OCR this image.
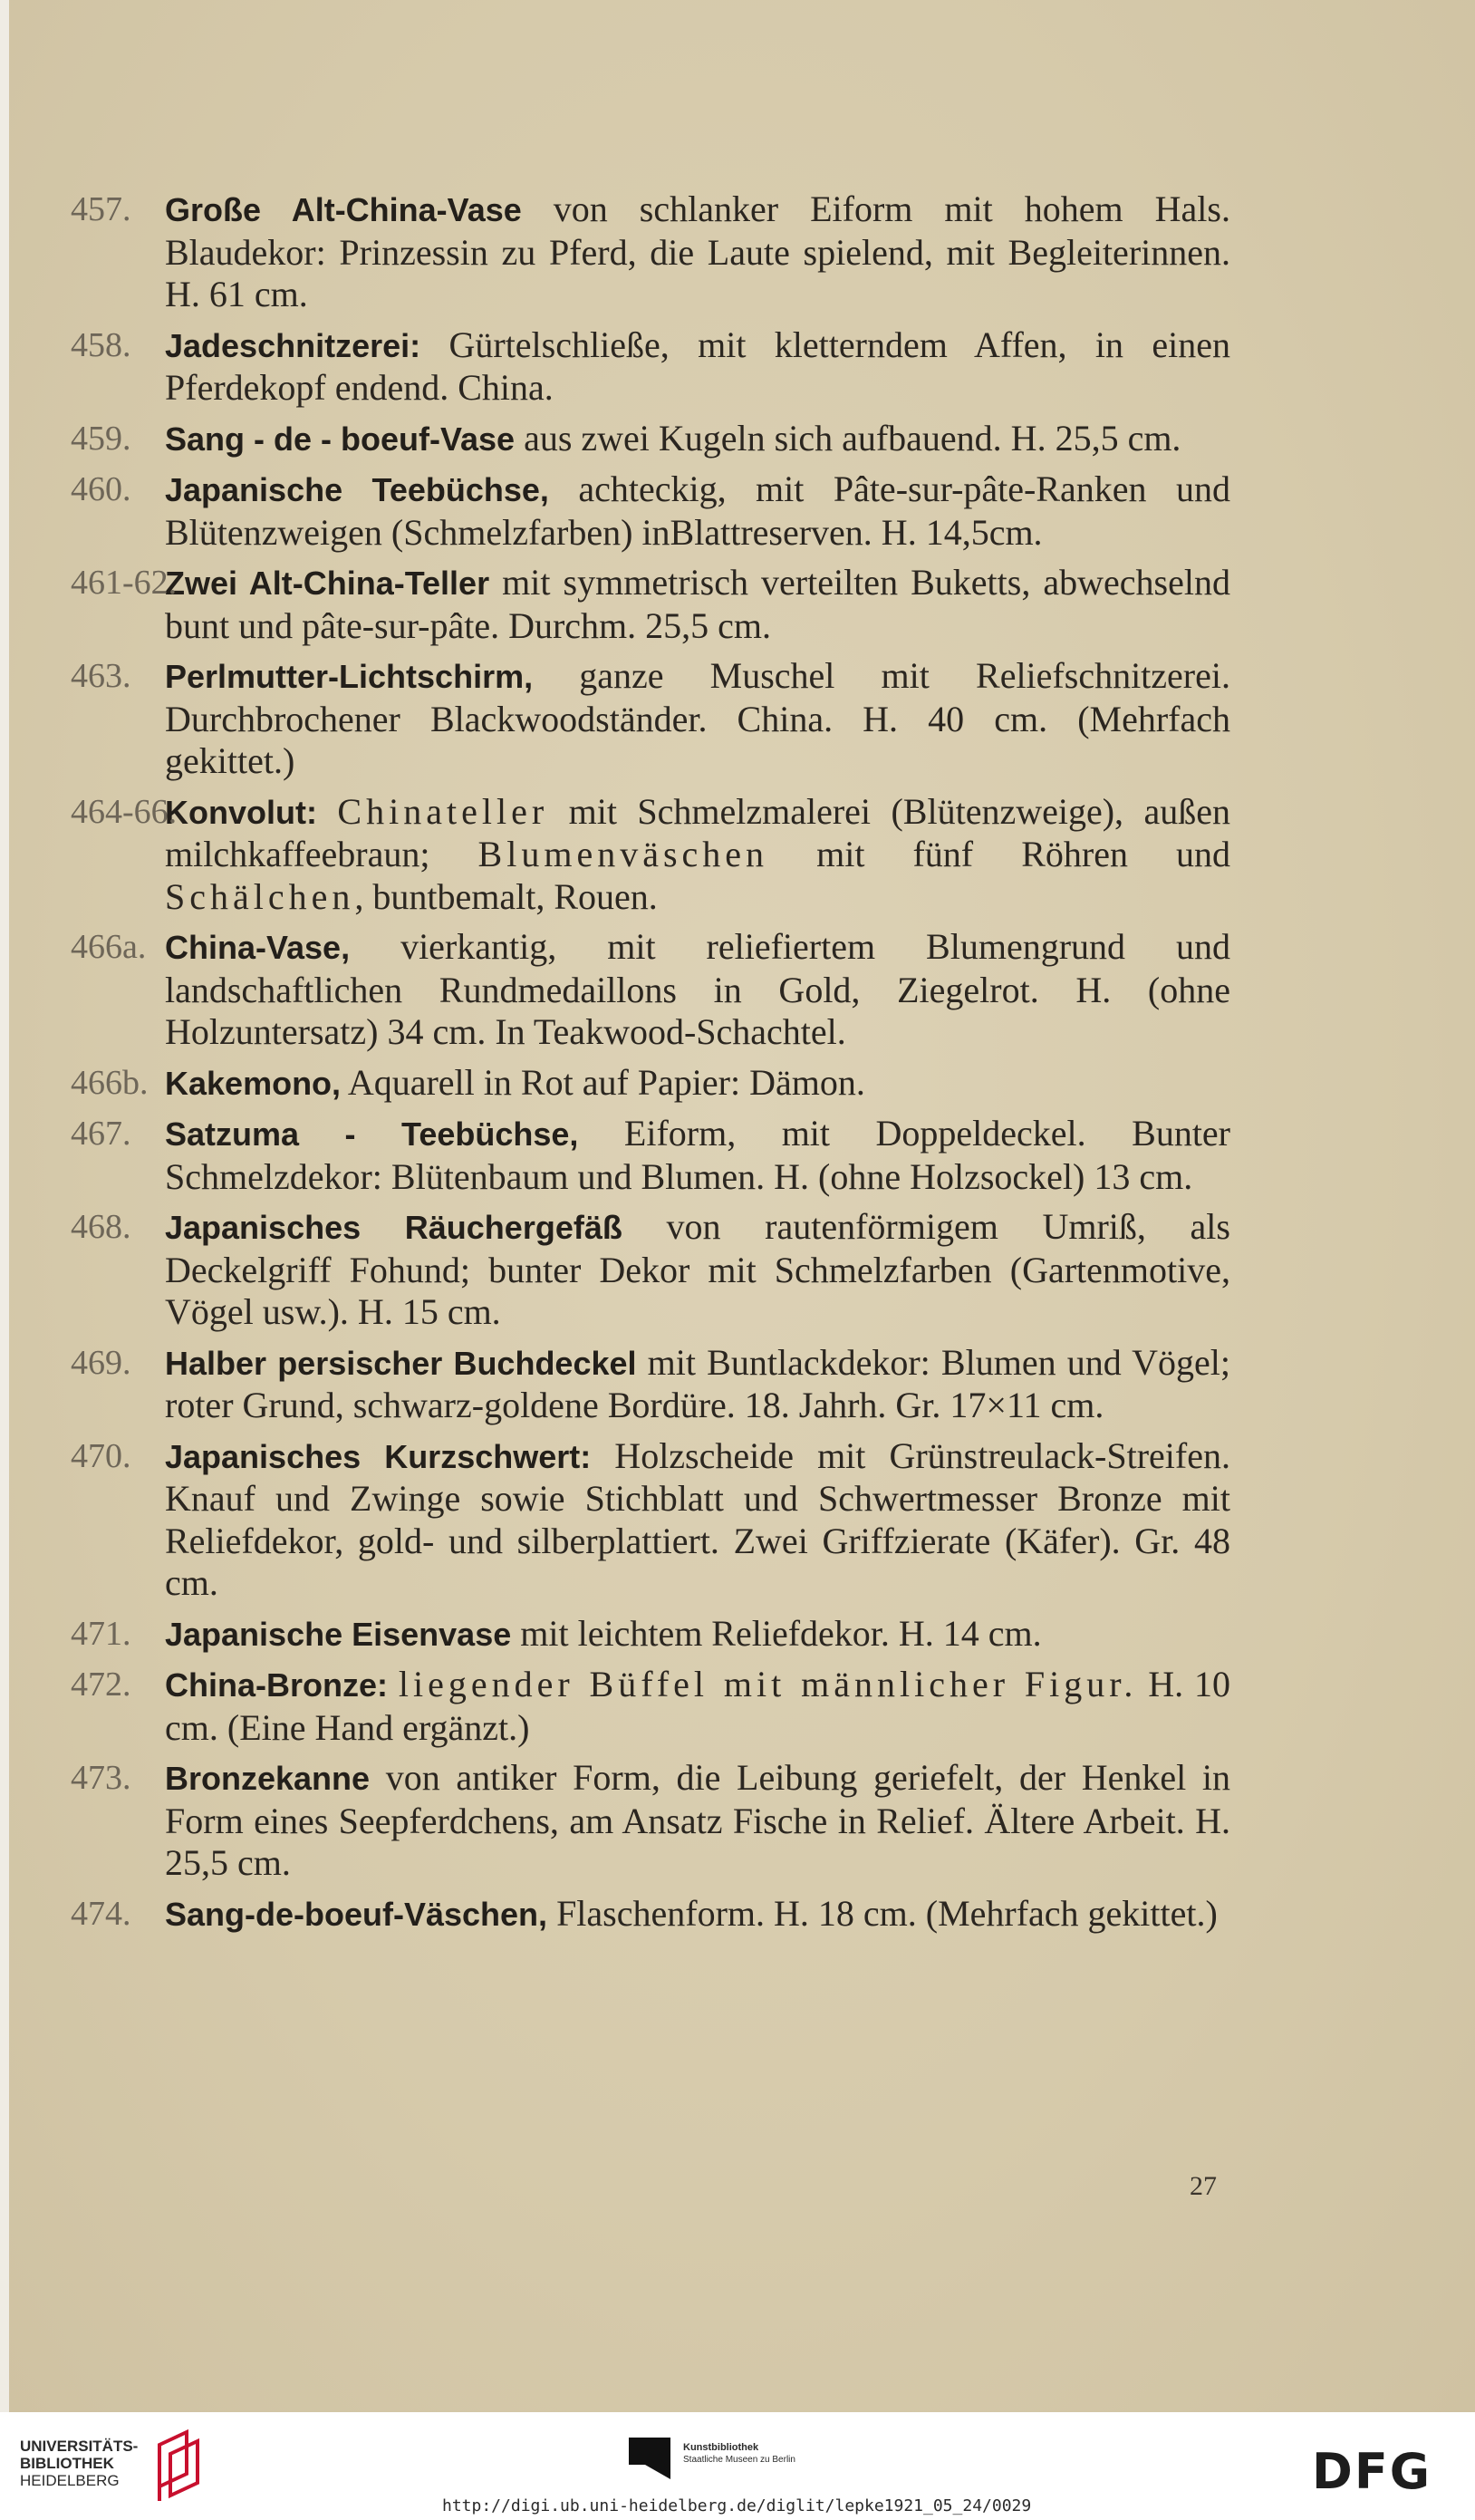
457. Große Alt-China-Vase von schlanker Eiform mit hohem Hals. Blaudekor: Prinzessin zu Pferd, die Laute spielend, mit Begleiterinnen. H. 61 cm.
458. Jadeschnitzerei: Gürtelschließe, mit kletterndem Affen, in einen Pferdekopf endend. China.
459. Sang - de - boeuf-Vase aus zwei Kugeln sich aufbauend. H. 25,5 cm.
460. Japanische Teebüchse, achteckig, mit Pâte-sur-pâte-Ranken und Blütenzweigen (Schmelzfarben) inBlattreserven. H. 14,5cm.
461-62.
Zwei Alt-China-Teller mit symmetrisch verteilten Buketts, abwechselnd bunt und pâte-sur-pâte. Durchm. 25,5 cm.
463. Perlmutter-Lichtschirm, ganze Muschel mit Reliefschnitzerei. Durchbrochener Blackwoodständer. China. H. 40 cm. (Mehrfach gekittet.)
464-66.
Konvolut: Chinateller mit Schmelzmalerei (Blütenzweige), außen milchkaffeebraun; Blumenväschen mit fünf Röhren und Schälchen, buntbemalt, Rouen.
466a. China-Vase, vierkantig, mit reliefiertem Blumengrund und landschaftlichen Rundmedaillons in Gold, Ziegelrot. H. (ohne Holzuntersatz) 34 cm. In Teakwood-Schachtel.
466b. Kakemono, Aquarell in Rot auf Papier: Dämon.
467. Satzuma - Teebüchse, Eiform, mit Doppeldeckel. Bunter Schmelzdekor: Blütenbaum und Blumen. H. (ohne Holzsockel) 13 cm.
468. Japanisches Räuchergefäß von rautenförmigem Umriß, als Deckelgriff Fohund; bunter Dekor mit Schmelzfarben (Gartenmotive, Vögel usw.). H. 15 cm.
469. Halber persischer Buchdeckel mit Buntlackdekor: Blumen und Vögel; roter Grund, schwarz-goldene Bordüre. 18. Jahrh. Gr. 17×11 cm.
470. Japanisches Kurzschwert: Holzscheide mit Grünstreulack-Streifen. Knauf und Zwinge sowie Stichblatt und Schwertmesser Bronze mit Reliefdekor, gold- und silberplattiert. Zwei Griffzierate (Käfer). Gr. 48 cm.
471. Japanische Eisenvase mit leichtem Reliefdekor. H. 14 cm.
472. China-Bronze: liegender Büffel mit männlicher Figur. H. 10 cm. (Eine Hand ergänzt.)
473. Bronzekanne von antiker Form, die Leibung geriefelt, der Henkel in Form eines Seepferdchens, am Ansatz Fische in Relief. Ältere Arbeit. H. 25,5 cm.
474. Sang-de-boeuf-Väschen, Flaschenform. H. 18 cm. (Mehrfach gekittet.)
27
UNIVERSITÄTS-
BIBLIOTHEK
HEIDELBERG
Kunstbibliothek
Staatliche Museen zu Berlin	DFG
http://digi.ub.uni-heidelberg.de/diglit/lepke1921_05_24/0029
